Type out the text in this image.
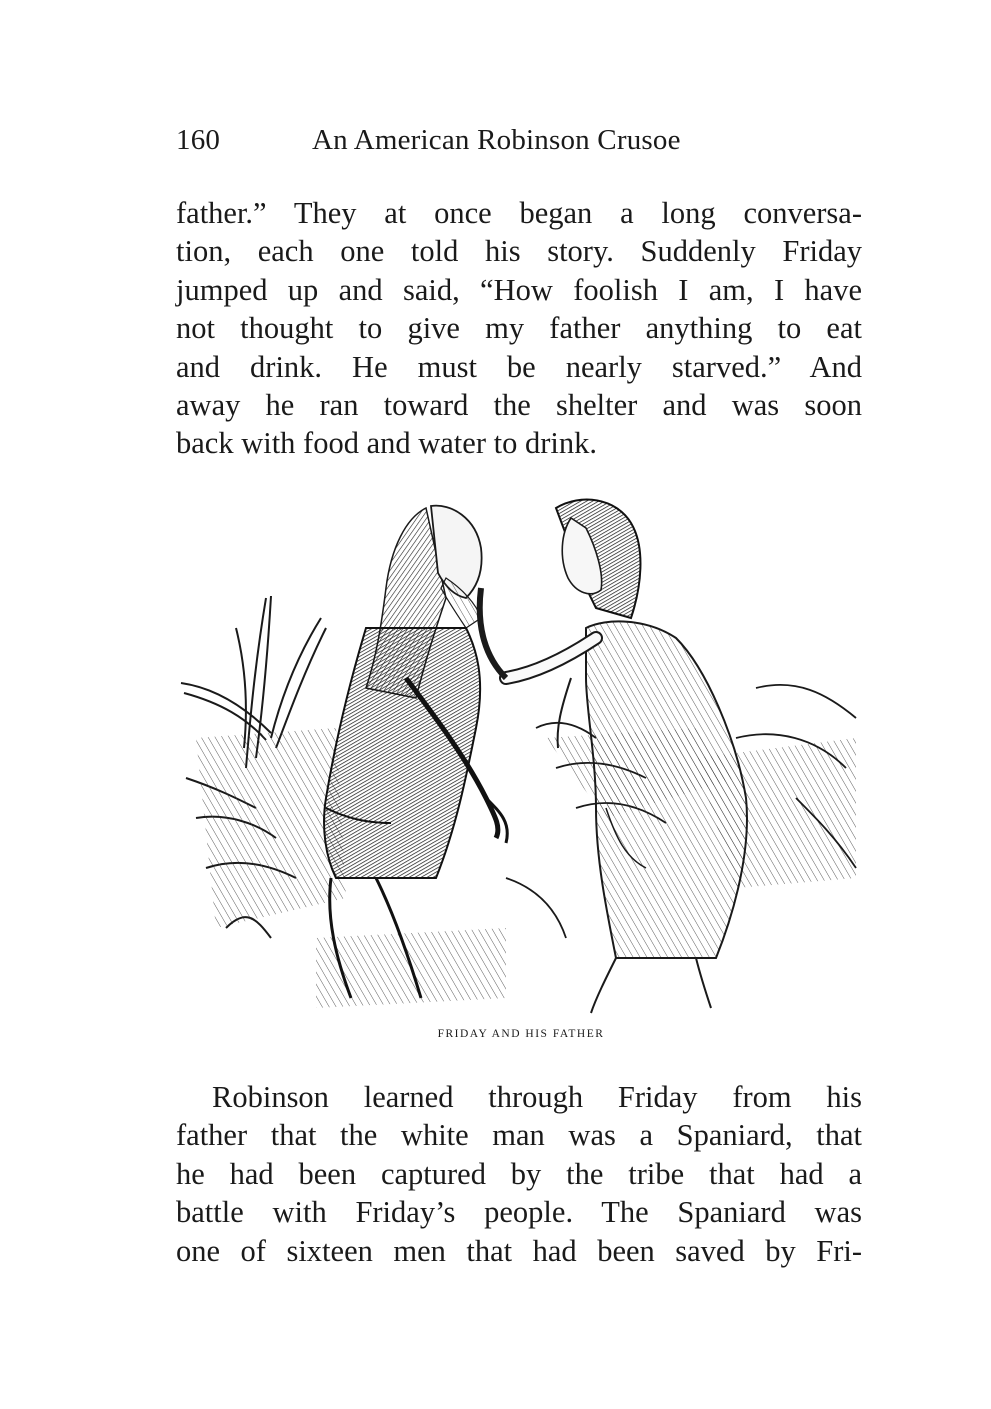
160	An American Robinson Crusoe
father.” They at once began a long conversa-
tion, each one told his story. Suddenly Friday
jumped up and said, “How foolish I am, I have
not thought to give my father anything to eat
and drink. He must be nearly starved.” And
away he ran toward the shelter and was soon
back with food and water to drink.
FRIDAY AND HIS FATHER
Robinson learned through Friday from his
father that the white man was a Spaniard, that
he had been captured by the tribe that had a
battle with Friday’s people. The Spaniard was
one of sixteen men that had been saved by Fri-
